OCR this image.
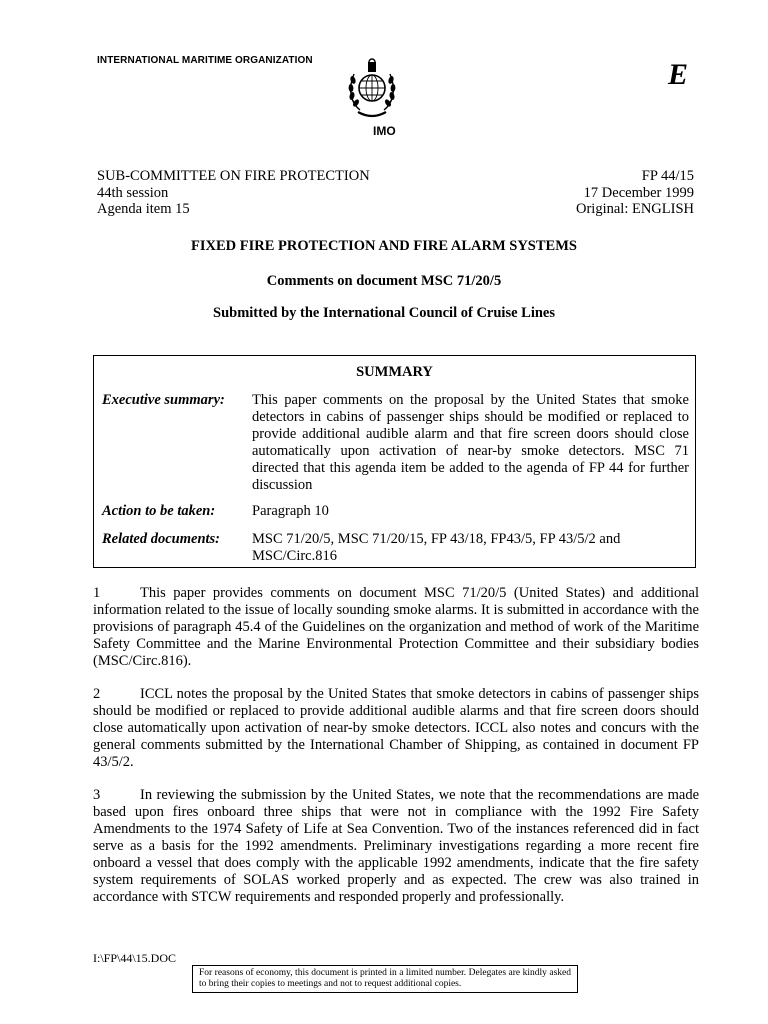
INTERNATIONAL MARITIME ORGANIZATION
IMO
E
SUB-COMMITTEE ON FIRE PROTECTION
44th session
Agenda item 15
FP 44/15
17 December 1999
Original: ENGLISH
FIXED FIRE PROTECTION AND FIRE ALARM SYSTEMS
Comments on document MSC 71/20/5
Submitted by the International Council of Cruise Lines
SUMMARY
Executive summary: This paper comments on the proposal by the United States that smoke detectors in cabins of passenger ships should be modified or replaced to provide additional audible alarm and that fire screen doors should close automatically upon activation of near-by smoke detectors. MSC 71 directed that this agenda item be added to the agenda of FP 44 for further discussion
Action to be taken:	Paragraph 10
Related documents: MSC 71/20/5, MSC 71/20/15, FP 43/18, FP43/5, FP 43/5/2 and MSC/Circ.816
1	This paper provides comments on document MSC 71/20/5 (United States) and additional information related to the issue of locally sounding smoke alarms. It is submitted in accordance with the provisions of paragraph 45.4 of the Guidelines on the organization and method of work of the Maritime Safety Committee and the Marine Environmental Protection Committee and their subsidiary bodies (MSC/Circ.816).
2	ICCL notes the proposal by the United States that smoke detectors in cabins of passenger ships should be modified or replaced to provide additional audible alarms and that fire screen doors should close automatically upon activation of near-by smoke detectors. ICCL also notes and concurs with the general comments submitted by the International Chamber of Shipping, as contained in document FP 43/5/2.
3	In reviewing the submission by the United States, we note that the recommendations are made based upon fires onboard three ships that were not in compliance with the 1992 Fire Safety Amendments to the 1974 Safety of Life at Sea Convention. Two of the instances referenced did in fact serve as a basis for the 1992 amendments. Preliminary investigations regarding a more recent fire onboard a vessel that does comply with the applicable 1992 amendments, indicate that the fire safety system requirements of SOLAS worked properly and as expected. The crew was also trained in accordance with STCW requirements and responded properly and professionally.
I:\FP\44\15.DOC
For reasons of economy, this document is printed in a limited number. Delegates are kindly asked to bring their copies to meetings and not to request additional copies.
